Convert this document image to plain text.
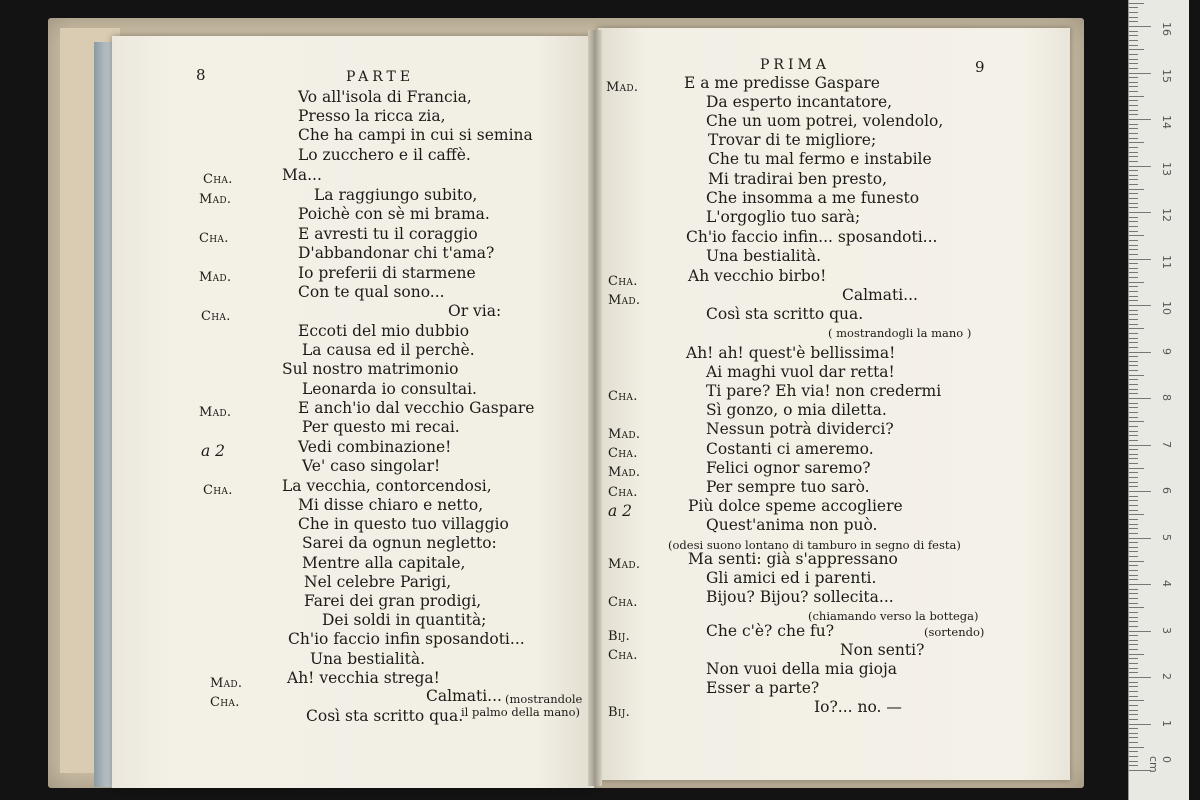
8	PARTE
Vo all'isola di Francia,
Presso la ricca zia,
Che ha campi in cui si semina
Lo zucchero e il caffè.
Cha.	Ma...
Mad.	La raggiungo subito,
Poichè con sè mi brama.
Cha.	E avresti tu il coraggio
D'abbandonar chi t'ama?
Mad.	Io preferii di starmene
Con te qual sono...
Cha.	Or via:
Eccoti del mio dubbio
La causa ed il perchè.
Sul nostro matrimonio
Leonarda io consultai.
Mad.	E anch'io dal vecchio Gaspare
Per questo mi recai.
a 2	Vedi combinazione!
Ve' caso singolar!
Cha.	La vecchia, contorcendosi,
Mi disse chiaro e netto,
Che in questo tuo villaggio
Sarei da ognun negletto:
Mentre alla capitale,
Nel celebre Parigi,
Farei dei gran prodigi,
Dei soldi in quantità;
Ch'io faccio infin sposandoti...
Una bestialità.
Mad.	Ah! vecchia strega!
Cha.	Calmati... (mostrandole
Così sta scritto qua.
il palmo della mano)
PRIMA	9
Mad.	E a me predisse Gaspare
Da esperto incantatore,
Che un uom potrei, volendolo,
Trovar di te migliore;
Che tu mal fermo e instabile
Mi tradirai ben presto,
Che insomma a me funesto
L'orgoglio tuo sarà;
Ch'io faccio infin... sposandoti...
Una bestialità.
Cha.	Ah vecchio birbo!
Mad.	Calmati...
Così sta scritto qua.
( mostrandogli la mano )
Ah! ah! quest'è bellissima!
Ai maghi vuol dar retta!
Cha.	Ti pare? Eh via! non credermi
Sì gonzo, o mia diletta.
Mad.	Nessun potrà dividerci?
Cha.	Costanti ci ameremo.
Mad.	Felici ognor saremo?
Cha.	Per sempre tuo sarò.
a 2	Più dolce speme accogliere
Quest'anima non può.
(odesi suono lontano di tamburo in segno di festa)
Mad.	Ma senti: già s'appressano
Gli amici ed i parenti.
Cha.	Bijou? Bijou? sollecita...
(chiamando verso la bottega)
Bij.	Che c'è? che fu?	(sortendo)
Cha.	Non senti?
Non vuoi della mia gioja
Esser a parte?
Bij.	Io?... no. —
0 cm
1
2
3
4
5
6
7
8
9
10
11
12
13
14
15
16
